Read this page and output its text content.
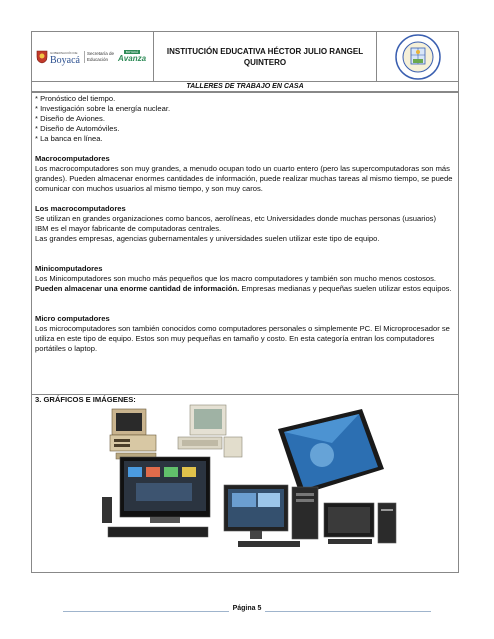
GOBERNACIÓN DE
Boyacá
Secretaría de
Educación
BOYACÁ
Avanza
INSTITUCIÓN EDUCATIVA HÉCTOR JULIO RANGEL
QUINTERO
TALLERES DE TRABAJO EN CASA

* Pronóstico del tiempo.

* Investigación sobre la energía nuclear.

* Diseño de Aviones.

* Diseño de Automóviles.

* La banca en línea.

Macrocomputadores

Los macrocomputadores son muy grandes, a menudo ocupan todo un cuarto entero (pero las supercomputadoras son más grandes). Pueden almacenar enormes cantidades de información, puede realizar muchas tareas al mismo tiempo, se puede comunicar con muchos usuarios al mismo tiempo, y son muy caros.

Los macrocomputadores

Se utilizan en grandes organizaciones como bancos, aerolíneas, etc Universidades donde muchas personas (usuarios)

IBM es el mayor fabricante de computadoras centrales.

Las grandes empresas, agencias gubernamentales y universidades suelen utilizar este tipo de equipo.

Minicomputadores

Los Minicomputadores son mucho más pequeños que los macro computadores y también son mucho menos costosos. Pueden almacenar una enorme cantidad de información. Empresas medianas y pequeñas suelen utilizar estos equipos.

Micro computadores

Los microcomputadores son también conocidos como computadores personales o simplemente PC. El Microprocesador se utiliza en este tipo de equipo. Estos son muy pequeñas en tamaño y costo. En esta categoría entran los computadores portátiles o laptop.

3. GRÁFICOS E IMÁGENES:
Página 5
